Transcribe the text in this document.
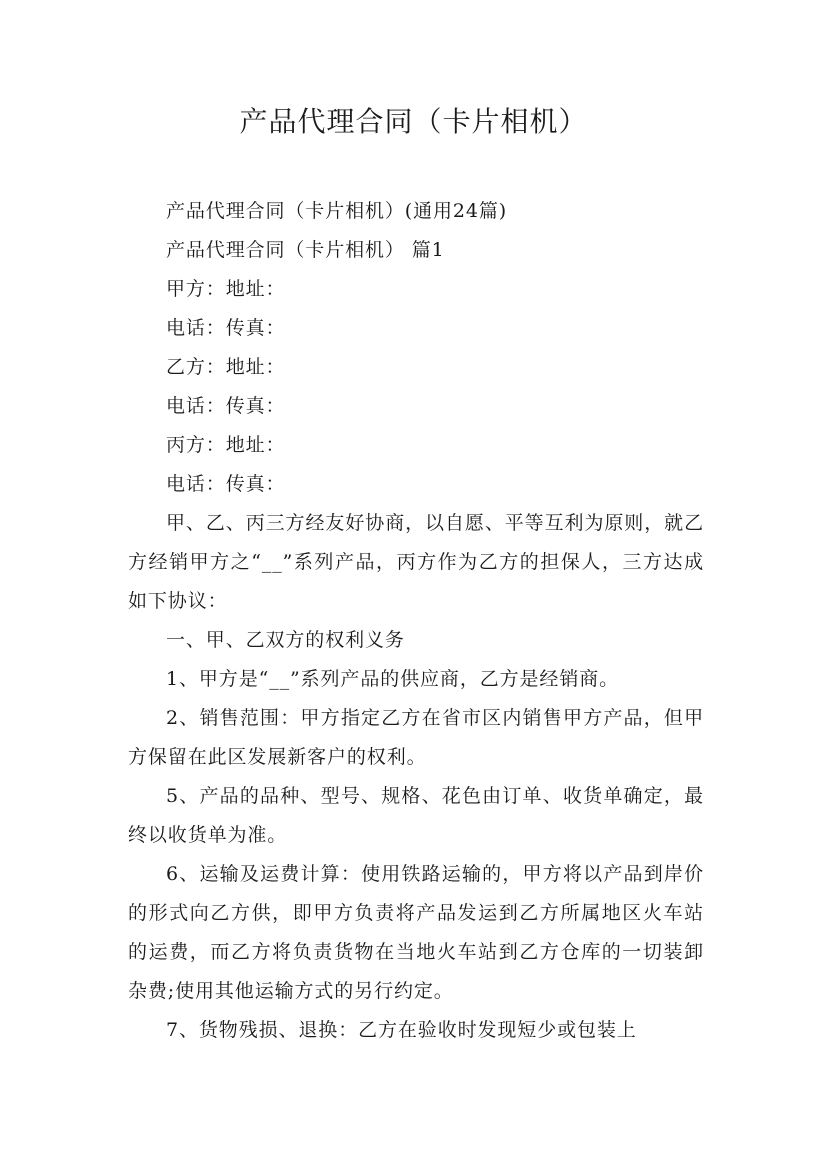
产品代理合同（卡片相机）

产品代理合同（卡片相机）(通用24篇)

产品代理合同（卡片相机） 篇1

甲方：地址：

电话：传真：

乙方：地址：

电话：传真：

丙方：地址：

电话：传真：

甲、乙、丙三方经友好协商，以自愿、平等互利为原则，就乙方经销甲方之“__”系列产品，丙方作为乙方的担保人，三方达成如下协议：

一、甲、乙双方的权利义务

1、甲方是“__”系列产品的供应商，乙方是经销商。

2、销售范围：甲方指定乙方在省市区内销售甲方产品，但甲方保留在此区发展新客户的权利。

5、产品的品种、型号、规格、花色由订单、收货单确定，最终以收货单为准。

6、运输及运费计算：使用铁路运输的，甲方将以产品到岸价的形式向乙方供，即甲方负责将产品发运到乙方所属地区火车站的运费，而乙方将负责货物在当地火车站到乙方仓库的一切装卸杂费;使用其他运输方式的另行约定。

7、货物残损、退换：乙方在验收时发现短少或包装上
